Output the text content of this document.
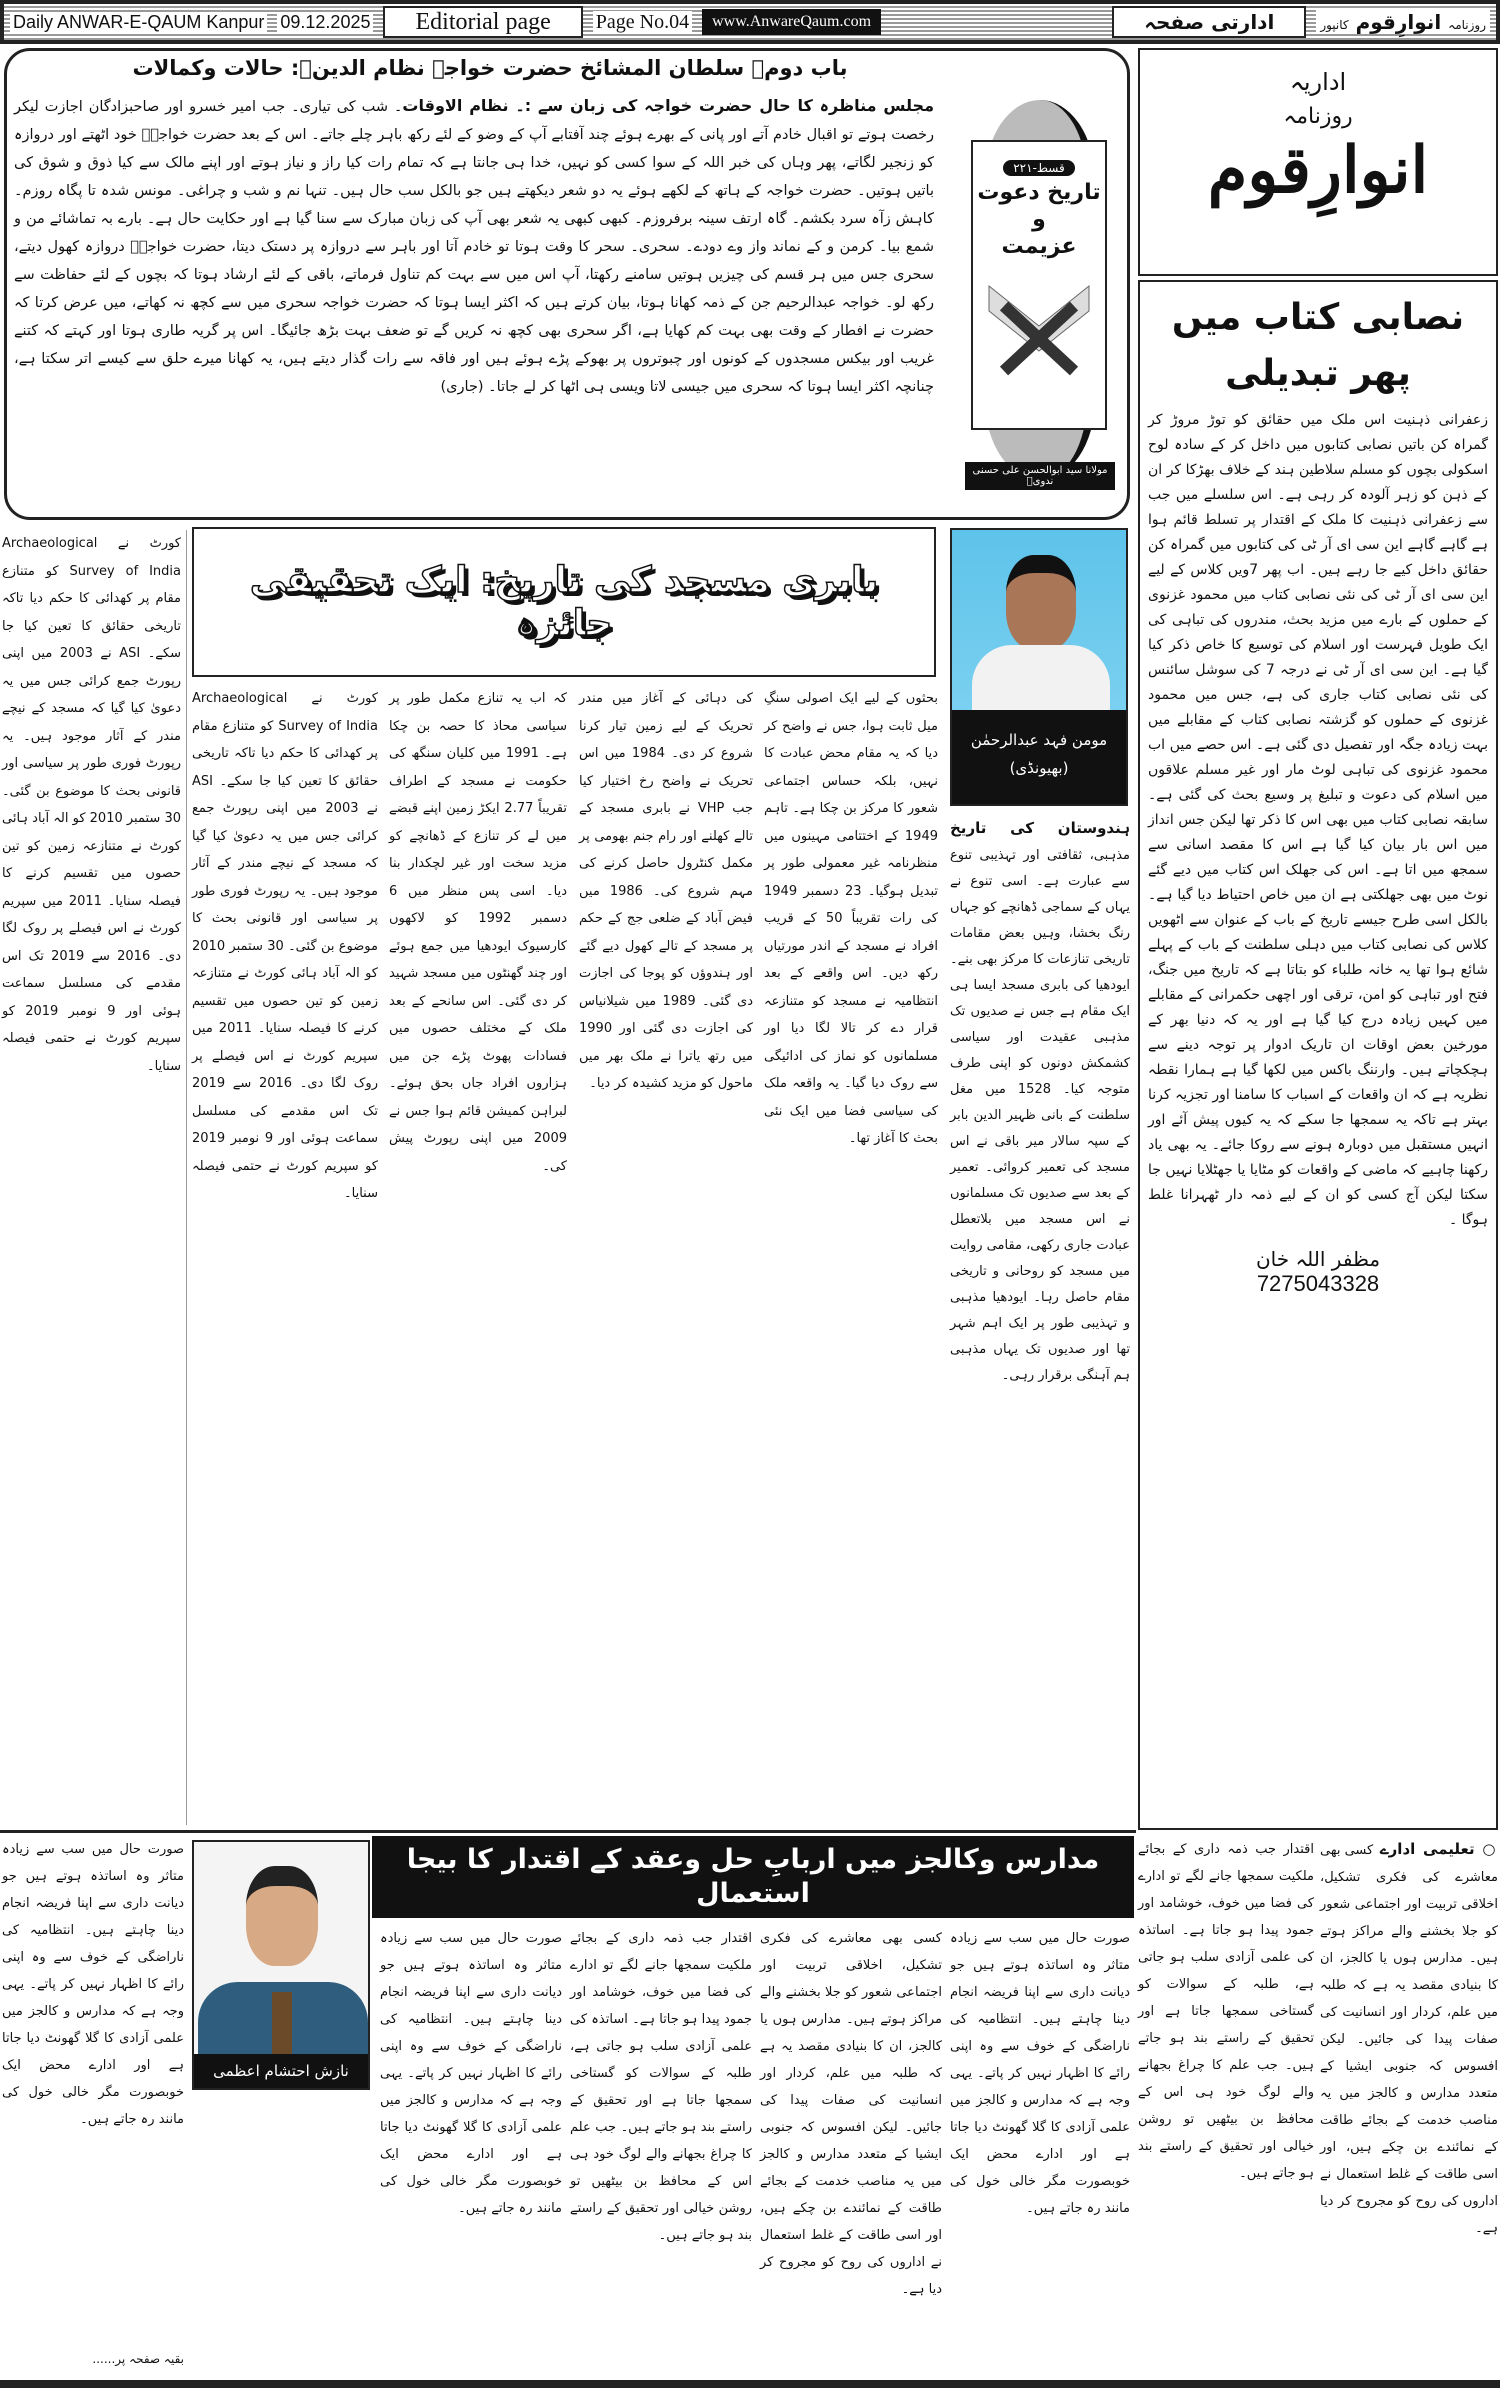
Daily ANWAR-E-QAUM Kanpur 09.12.2025	Editorial page	Page No.04	www.AnwareQaum.com	ادارتی صفحہ	روزنامہ انوارِقوم کانپور
اداریہ
روزنامہ
انوارِقوم
نصابی کتاب میں پھر تبدیلی
زعفرانی ذہنیت اس ملک میں حقائق کو توڑ مروڑ کر گمراہ کن باتیں نصابی کتابوں میں داخل کر کے سادہ لوح اسکولی بچوں کو مسلم سلاطین ہند کے خلاف بھڑکا کر ان کے ذہن کو زہر آلودہ کر رہی ہے۔ اس سلسلے میں جب سے زعفرانی ذہنیت کا ملک کے اقتدار پر تسلط قائم ہوا ہے گاہے گاہے این سی ای آر ٹی کی کتابوں میں گمراہ کن حقائق داخل کیے جا رہے ہیں۔ اب پھر 7ویں کلاس کے لیے این سی ای آر ٹی کی نئی نصابی کتاب میں محمود غزنوی کے حملوں کے بارے میں مزید بحث، مندروں کی تباہی کی ایک طویل فہرست اور اسلام کی توسیع کا خاص ذکر کیا گیا ہے۔ این سی ای آر ٹی نے درجہ 7 کی سوشل سائنس کی نئی نصابی کتاب جاری کی ہے، جس میں محمود غزنوی کے حملوں کو گزشتہ نصابی کتاب کے مقابلے میں بہت زیادہ جگہ اور تفصیل دی گئی ہے۔ اس حصے میں اب محمود غزنوی کی تباہی لوٹ مار اور غیر مسلم علاقوں میں اسلام کی دعوت و تبلیغ پر وسیع بحث کی گئی ہے۔ سابقہ نصابی کتاب میں بھی اس کا ذکر تھا لیکن جس انداز میں اس بار بیان کیا گیا ہے اس کا مقصد اسانی سے سمجھ میں اتا ہے۔ اس کی جھلک اس کتاب میں دیے گئے نوٹ میں بھی جھلکتی ہے ان میں خاص احتیاط دیا گیا ہے۔ بالکل اسی طرح جیسے تاریخ کے باب کے عنوان سے اٹھویں کلاس کی نصابی کتاب میں دہلی سلطنت کے باب کے پہلے شائع ہوا تھا یہ خانہ طلباء کو بتاتا ہے کہ تاریخ میں جنگ، فتح اور تباہی کو امن، ترقی اور اچھی حکمرانی کے مقابلے میں کہیں زیادہ درج کیا گیا ہے اور یہ کہ دنیا بھر کے مورخین بعض اوقات ان تاریک ادوار پر توجہ دینے سے ہچکچاتے ہیں۔ وارننگ باکس میں لکھا گیا ہے ہمارا نقطہ نظریہ ہے کہ ان واقعات کے اسباب کا سامنا اور تجزیہ کرنا بہتر ہے تاکہ یہ سمجھا جا سکے کہ یہ کیوں پیش آئے اور انہیں مستقبل میں دوبارہ ہونے سے روکا جائے۔ یہ بھی یاد رکھنا چاہیے کہ ماضی کے واقعات کو مٹایا یا جھٹلایا نہیں جا سکتا لیکن آج کسی کو ان کے لیے ذمہ دار ٹھہرانا غلط ہوگا ۔
مظفر اللہ خان
7275043328
باب دوم۔ سلطان المشائخ حضرت خواجہ نظام الدینؒ: حالات وکمالات
مجلس مناظرہ کا حال حضرت خواجہ کی زبان سے :۔ نظام الاوقات۔ شب کی تیاری۔ جب امیر خسرو اور صاحبزادگان اجازت لیکر رخصت ہوتے تو اقبال خادم آتے اور پانی کے بھرے ہوئے چند آفتابے آپ کے وضو کے لئے رکھ باہر چلے جاتے۔ اس کے بعد حضرت خواجہؒ خود اٹھتے اور دروازہ کو زنجیر لگاتے، پھر وہاں کی خبر اللہ کے سوا کسی کو نہیں، خدا ہی جانتا ہے کہ تمام رات کیا راز و نیاز ہوتے اور اپنے مالک سے کیا ذوق و شوق کی باتیں ہوتیں۔ حضرت خواجہ کے ہاتھ کے لکھے ہوئے یہ دو شعر دیکھتے ہیں جو بالکل سب حال ہیں۔ تنہا نم و شب و چراغی۔ مونس شدہ تا پگاہ روزم۔ کاہش زآہ سرد بکشم۔ گاہ ارتف سینہ برفروزم۔ کبھی کبھی یہ شعر بھی آپ کی زبان مبارک سے سنا گیا ہے اور حکایت حال ہے۔ بارے بہ تماشائے من و شمع بیا۔ کرمن و کے نماند واز وے دودے۔ سحری۔ سحر کا وقت ہوتا تو خادم آتا اور باہر سے دروازہ پر دستک دیتا، حضرت خواجہؒ دروازہ کھول دیتے، سحری جس میں ہر قسم کی چیزیں ہوتیں سامنے رکھتا، آپ اس میں سے بہت کم تناول فرماتے، باقی کے لئے ارشاد ہوتا کہ بچوں کے لئے حفاظت سے رکھ لو۔ خواجہ عبدالرحیم جن کے ذمہ کھانا ہوتا، بیان کرتے ہیں کہ اکثر ایسا ہوتا کہ حضرت خواجہ سحری میں سے کچھ نہ کھاتے، میں عرض کرتا کہ حضرت نے افطار کے وقت بھی بہت کم کھایا ہے، اگر سحری بھی کچھ نہ کریں گے تو ضعف بہت بڑھ جائیگا۔ اس پر گریہ طاری ہوتا اور کہتے کہ کتنے غریب اور بیکس مسجدوں کے کونوں اور چبوتروں پر بھوکے پڑے ہوئے ہیں اور فاقہ سے رات گذار دیتے ہیں، یہ کھانا میرے حلق سے کیسے اتر سکتا ہے، چنانچہ اکثر ایسا ہوتا کہ سحری میں جیسی لاتا ویسی ہی اٹھا کر لے جاتا۔ (جاری)
قسط-۲۲۱
تاریخ دعوت
و
عزیمت
مولانا سید ابوالحسن علی حسنی ندویؒ
بابری مسجد کی تاریخ: ایک تحقیقی جائزہ
مومن فہد عبدالرحمٰن
(بھیونڈی)
ہندوستان کی تاریخ مذہبی، ثقافتی اور تہذیبی تنوع سے عبارت ہے۔ اسی تنوع نے یہاں کے سماجی ڈھانچے کو جہاں رنگ بخشا، وہیں بعض مقامات تاریخی تنازعات کا مرکز بھی بنے۔ ایودھیا کی بابری مسجد ایسا ہی ایک مقام ہے جس نے صدیوں تک مذہبی عقیدت اور سیاسی کشمکش دونوں کو اپنی طرف متوجہ کیا۔ 1528 میں مغل سلطنت کے بانی ظہیر الدین بابر کے سپہ سالار میر باقی نے اس مسجد کی تعمیر کروائی۔ تعمیر کے بعد سے صدیوں تک مسلمانوں نے اس مسجد میں بلاتعطل عبادت جاری رکھی، مقامی روایت میں مسجد کو روحانی و تاریخی مقام حاصل رہا۔ ایودھیا مذہبی و تہذیبی طور پر ایک اہم شہر تھا اور صدیوں تک یہاں مذہبی ہم آہنگی برقرار رہی۔
بحثوں کے لیے ایک اصولی سنگِ میل ثابت ہوا، جس نے واضح کر دیا کہ یہ مقام محض عبادت کا نہیں، بلکہ حساس اجتماعی شعور کا مرکز بن چکا ہے۔ تاہم 1949 کے اختتامی مہینوں میں منظرنامہ غیر معمولی طور پر تبدیل ہوگیا۔ 23 دسمبر 1949 کی رات تقریباً 50 کے قریب افراد نے مسجد کے اندر مورتیاں رکھ دیں۔ اس واقعے کے بعد انتظامیہ نے مسجد کو متنازعہ قرار دے کر تالا لگا دیا اور مسلمانوں کو نماز کی ادائیگی سے روک دیا گیا۔ یہ واقعہ ملک کی سیاسی فضا میں ایک نئی بحث کا آغاز تھا۔
کی دہائی کے آغاز میں مندر تحریک کے لیے زمین تیار کرنا شروع کر دی۔ 1984 میں اس تحریک نے واضح رخ اختیار کیا جب VHP نے بابری مسجد کے تالے کھلنے اور رام جنم بھومی پر مکمل کنٹرول حاصل کرنے کی مہم شروع کی۔ 1986 میں فیض آباد کے ضلعی جج کے حکم پر مسجد کے تالے کھول دیے گئے اور ہندوؤں کو پوجا کی اجازت دی گئی۔ 1989 میں شیلانیاس کی اجازت دی گئی اور 1990 میں رتھ یاترا نے ملک بھر میں ماحول کو مزید کشیدہ کر دیا۔
کہ اب یہ تنازع مکمل طور پر سیاسی محاذ کا حصہ بن چکا ہے۔ 1991 میں کلیان سنگھ کی حکومت نے مسجد کے اطراف تقریباً 2.77 ایکڑ زمین اپنے قبضے میں لے کر تنازع کے ڈھانچے کو مزید سخت اور غیر لچکدار بنا دیا۔ اسی پس منظر میں 6 دسمبر 1992 کو لاکھوں کارسیوک ایودھیا میں جمع ہوئے اور چند گھنٹوں میں مسجد شہید کر دی گئی۔ اس سانحے کے بعد ملک کے مختلف حصوں میں فسادات پھوٹ پڑے جن میں ہزاروں افراد جاں بحق ہوئے۔ لبراہن کمیشن قائم ہوا جس نے 2009 میں اپنی رپورٹ پیش کی۔
کورٹ نے Archaeological Survey of India کو متنازع مقام پر کھدائی کا حکم دیا تاکہ تاریخی حقائق کا تعین کیا جا سکے۔ ASI نے 2003 میں اپنی رپورٹ جمع کرائی جس میں یہ دعویٰ کیا گیا کہ مسجد کے نیچے مندر کے آثار موجود ہیں۔ یہ رپورٹ فوری طور پر سیاسی اور قانونی بحث کا موضوع بن گئی۔ 30 ستمبر 2010 کو الہ آباد ہائی کورٹ نے متنازعہ زمین کو تین حصوں میں تقسیم کرنے کا فیصلہ سنایا۔ 2011 میں سپریم کورٹ نے اس فیصلے پر روک لگا دی۔ 2016 سے 2019 تک اس مقدمے کی مسلسل سماعت ہوئی اور 9 نومبر 2019 کو سپریم کورٹ نے حتمی فیصلہ سنایا۔
کورٹ نے Archaeological Survey of India کو متنازع مقام پر کھدائی کا حکم دیا تاکہ تاریخی حقائق کا تعین کیا جا سکے۔ ASI نے 2003 میں اپنی رپورٹ جمع کرائی جس میں یہ دعویٰ کیا گیا کہ مسجد کے نیچے مندر کے آثار موجود ہیں۔ یہ رپورٹ فوری طور پر سیاسی اور قانونی بحث کا موضوع بن گئی۔ 30 ستمبر 2010 کو الہ آباد ہائی کورٹ نے متنازعہ زمین کو تین حصوں میں تقسیم کرنے کا فیصلہ سنایا۔ 2011 میں سپریم کورٹ نے اس فیصلے پر روک لگا دی۔ 2016 سے 2019 تک اس مقدمے کی مسلسل سماعت ہوئی اور 9 نومبر 2019 کو سپریم کورٹ نے حتمی فیصلہ سنایا۔
مدارس وکالجز میں اربابِ حل وعقد کے اقتدار کا بیجا استعمال
نازش احتشام اعظمی
○ تعلیمی ادارے کسی بھی معاشرے کی فکری تشکیل، اخلاقی تربیت اور اجتماعی شعور کو جلا بخشنے والے مراکز ہوتے ہیں۔ مدارس ہوں یا کالجز، ان کا بنیادی مقصد یہ ہے کہ طلبہ میں علم، کردار اور انسانیت کی صفات پیدا کی جائیں۔ لیکن افسوس کہ جنوبی ایشیا کے متعدد مدارس و کالجز میں یہ مناصب خدمت کے بجائے طاقت کے نمائندے بن چکے ہیں، اور اسی طاقت کے غلط استعمال نے اداروں کی روح کو مجروح کر دیا ہے۔
اقتدار جب ذمہ داری کے بجائے ملکیت سمجھا جانے لگے تو ادارے کی فضا میں خوف، خوشامد اور جمود پیدا ہو جاتا ہے۔ اساتذہ کی علمی آزادی سلب ہو جاتی ہے، طلبہ کے سوالات کو گستاخی سمجھا جاتا ہے اور تحقیق کے راستے بند ہو جاتے ہیں۔ جب علم کا چراغ بجھانے والے لوگ خود ہی اس کے محافظ بن بیٹھیں تو روشن خیالی اور تحقیق کے راستے بند ہو جاتے ہیں۔
صورت حال میں سب سے زیادہ متاثر وہ اساتذہ ہوتے ہیں جو دیانت داری سے اپنا فریضہ انجام دینا چاہتے ہیں۔ انتظامیہ کی ناراضگی کے خوف سے وہ اپنی رائے کا اظہار نہیں کر پاتے۔ یہی وجہ ہے کہ مدارس و کالجز میں علمی آزادی کا گلا گھونٹ دیا جاتا ہے اور ادارے محض ایک خوبصورت مگر خالی خول کی مانند رہ جاتے ہیں۔
کسی بھی معاشرے کی فکری تشکیل، اخلاقی تربیت اور اجتماعی شعور کو جلا بخشنے والے مراکز ہوتے ہیں۔ مدارس ہوں یا کالجز، ان کا بنیادی مقصد یہ ہے کہ طلبہ میں علم، کردار اور انسانیت کی صفات پیدا کی جائیں۔ لیکن افسوس کہ جنوبی ایشیا کے متعدد مدارس و کالجز میں یہ مناصب خدمت کے بجائے طاقت کے نمائندے بن چکے ہیں، اور اسی طاقت کے غلط استعمال نے اداروں کی روح کو مجروح کر دیا ہے۔
اقتدار جب ذمہ داری کے بجائے ملکیت سمجھا جانے لگے تو ادارے کی فضا میں خوف، خوشامد اور جمود پیدا ہو جاتا ہے۔ اساتذہ کی علمی آزادی سلب ہو جاتی ہے، طلبہ کے سوالات کو گستاخی سمجھا جاتا ہے اور تحقیق کے راستے بند ہو جاتے ہیں۔ جب علم کا چراغ بجھانے والے لوگ خود ہی اس کے محافظ بن بیٹھیں تو روشن خیالی اور تحقیق کے راستے بند ہو جاتے ہیں۔
صورت حال میں سب سے زیادہ متاثر وہ اساتذہ ہوتے ہیں جو دیانت داری سے اپنا فریضہ انجام دینا چاہتے ہیں۔ انتظامیہ کی ناراضگی کے خوف سے وہ اپنی رائے کا اظہار نہیں کر پاتے۔ یہی وجہ ہے کہ مدارس و کالجز میں علمی آزادی کا گلا گھونٹ دیا جاتا ہے اور ادارے محض ایک خوبصورت مگر خالی خول کی مانند رہ جاتے ہیں۔
صورت حال میں سب سے زیادہ متاثر وہ اساتذہ ہوتے ہیں جو دیانت داری سے اپنا فریضہ انجام دینا چاہتے ہیں۔ انتظامیہ کی ناراضگی کے خوف سے وہ اپنی رائے کا اظہار نہیں کر پاتے۔ یہی وجہ ہے کہ مدارس و کالجز میں علمی آزادی کا گلا گھونٹ دیا جاتا ہے اور ادارے محض ایک خوبصورت مگر خالی خول کی مانند رہ جاتے ہیں۔
بقیہ صفحہ پر......
